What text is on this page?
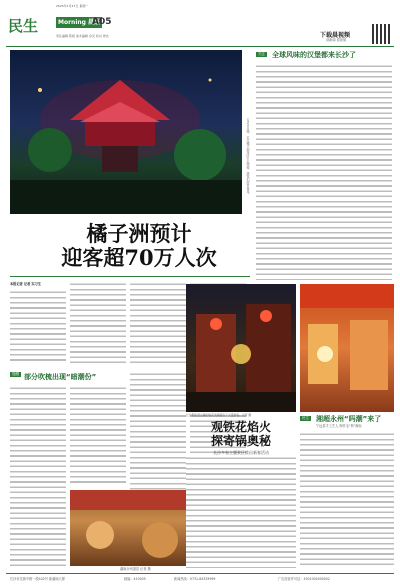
民生	Morning 晨报
A05
2025年1月27日 星期一
责任编辑 陈昭 美术编辑 佘灵 校对 周杰	下载晨视频
读新闻 看视频
1月26日晚，长沙橘子洲景区灯火辉煌，游客们欣赏夜景。
关注 全球风味的汉堡都来长沙了
橘子洲预计
迎客超70万人次
本报记者 记者 实习生
提醒 部分吹梳出现“暗潮份”
湖南永州道县 记者 摄
长沙铜官窑古镇的铁花表演吸引了大量游客。记者 摄
观铁花焰火
探寄锅奥秘
长沙多家主题景区推出新春活动
民生 湘超永州“吗潮”来了
宁远县手工艺人 制作毛“柿”潮玩
长沙市芙蓉中路一段442号 新湖南大厦	邮编：410005	新闻热线：0731-84329999	广告经营许可证：4301004000002
